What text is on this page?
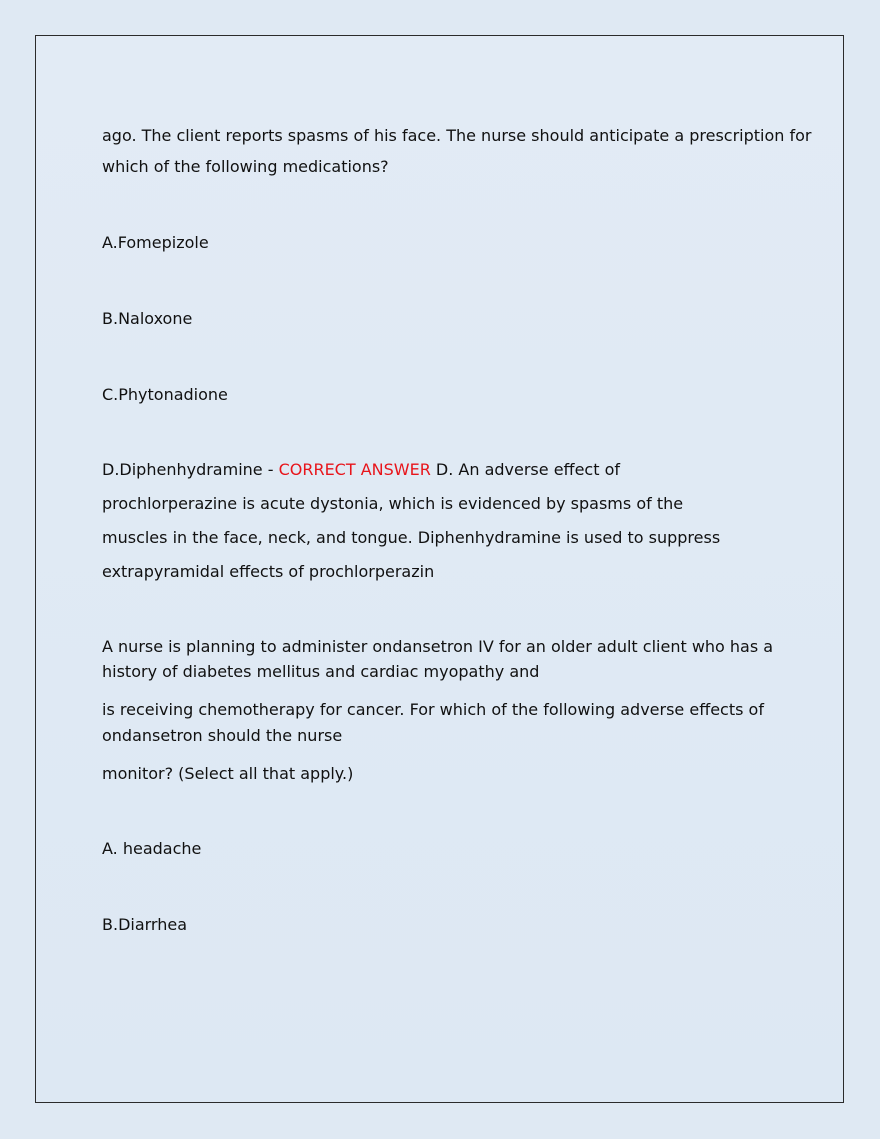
ago. The client reports spasms of his face. The nurse should anticipate a prescription for
which of the following medications?
A.Fomepizole
B.Naloxone
C.Phytonadione
D.Diphenhydramine - CORRECT ANSWER D. An adverse effect of
prochlorperazine is acute dystonia, which is evidenced by spasms of the
muscles in the face, neck, and tongue. Diphenhydramine is used to suppress
extrapyramidal effects of prochlorperazin
A nurse is planning to administer ondansetron IV for an older adult client who has a
history of diabetes mellitus and cardiac myopathy and
is receiving chemotherapy for cancer. For which of the following adverse effects of
ondansetron should the nurse
monitor? (Select all that apply.)
A. headache
B.Diarrhea
